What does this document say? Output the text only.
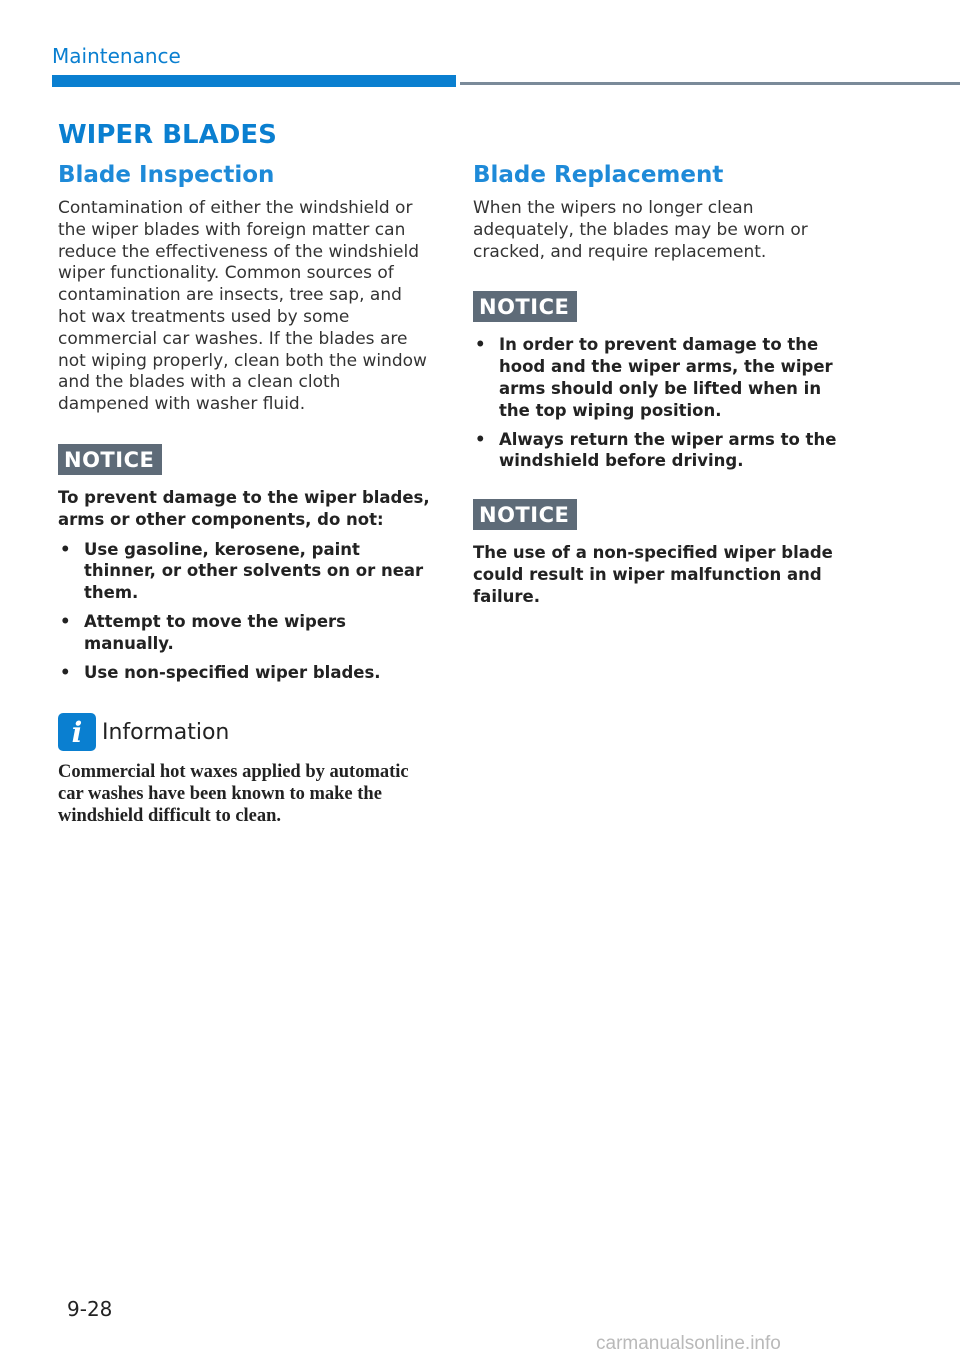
Maintenance
WIPER BLADES
Blade Inspection

Contamination of either the windshield or the wiper blades with foreign matter can reduce the effectiveness of the windshield wiper functionality. Common sources of contamination are insects, tree sap, and hot wax treatments used by some commercial car washes. If the blades are not wiping properly, clean both the window and the blades with a clean cloth dampened with washer fluid.

NOTICE

To prevent damage to the wiper blades, arms or other components, do not:

• Use gasoline, kerosene, paint thinner, or other solvents on or near them.
• Attempt to move the wipers manually.
• Use non-specified wiper blades.
i Information

Commercial hot waxes applied by automatic car washes have been known to make the windshield difficult to clean.

Blade Replacement

When the wipers no longer clean adequately, the blades may be worn or cracked, and require replacement.

NOTICE
• In order to prevent damage to the hood and the wiper arms, the wiper arms should only be lifted when in the top wiping position.
• Always return the wiper arms to the windshield before driving.
NOTICE

The use of a non-specified wiper blade could result in wiper malfunction and failure.

9-28
carmanualsonline.info
